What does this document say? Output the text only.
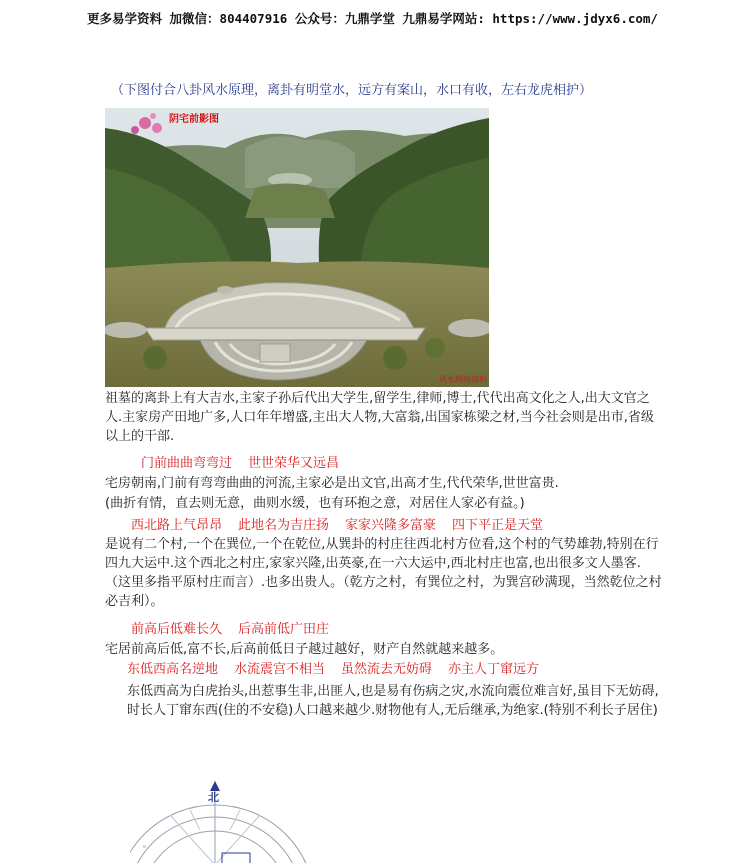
更多易学资料 加微信：804407916 公众号：九鼎学堂 九鼎易学网站: https://www.jdyx6.com/
（下图付合八卦风水原理，离卦有明堂水，远方有案山，水口有收，左右龙虎相护）
阴宅前影图
风水网络资料
祖墓的离卦上有大吉水,主家子孙后代出大学生,留学生,律师,博士,代代出高文化之人,出大文官之人.主家房产田地广多,人口年年增盛,主出大人物,大富翁,出国家栋梁之材,当今社会则是出市,省级以上的干部.
门前曲曲弯弯过 世世荣华又远昌
宅房朝南,门前有弯弯曲曲的河流,主家必是出文官,出高才生,代代荣华,世世富贵.
(曲折有情，直去则无意，曲则水缓，也有环抱之意，对居住人家必有益。)
西北路上气昂昂 此地名为吉庄扬 家家兴隆多富豪 四下平正是天堂
是说有二个村,一个在巽位,一个在乾位,从巽卦的村庄往西北村方位看,这个村的气势雄勃,特别在行四九大运中.这个西北之村庄,家家兴隆,出英豪,在一六大运中,西北村庄也富,也出很多文人墨客.（这里多指平原村庄而言）.也多出贵人。（乾方之村，有巽位之村，为巽宫砂满现，当然乾位之村必吉利）。
前高后低难长久 后高前低广田庄
宅居前高后低,富不长,后高前低日子越过越好，财产自然就越来越多。
东低西高名逆地 水流震宫不相当 虽然流去无妨碍 亦主人丁窜远方
东低西高为白虎抬头,出惹事生非,出匪人,也是易有伤病之灾,水流向震位难言好,虽目下无妨碍,时长人丁窜东西(住的不安稳)人口越来越少.财物他有人,无后继承,为绝家.(特别不利长子居住)
◦
北
